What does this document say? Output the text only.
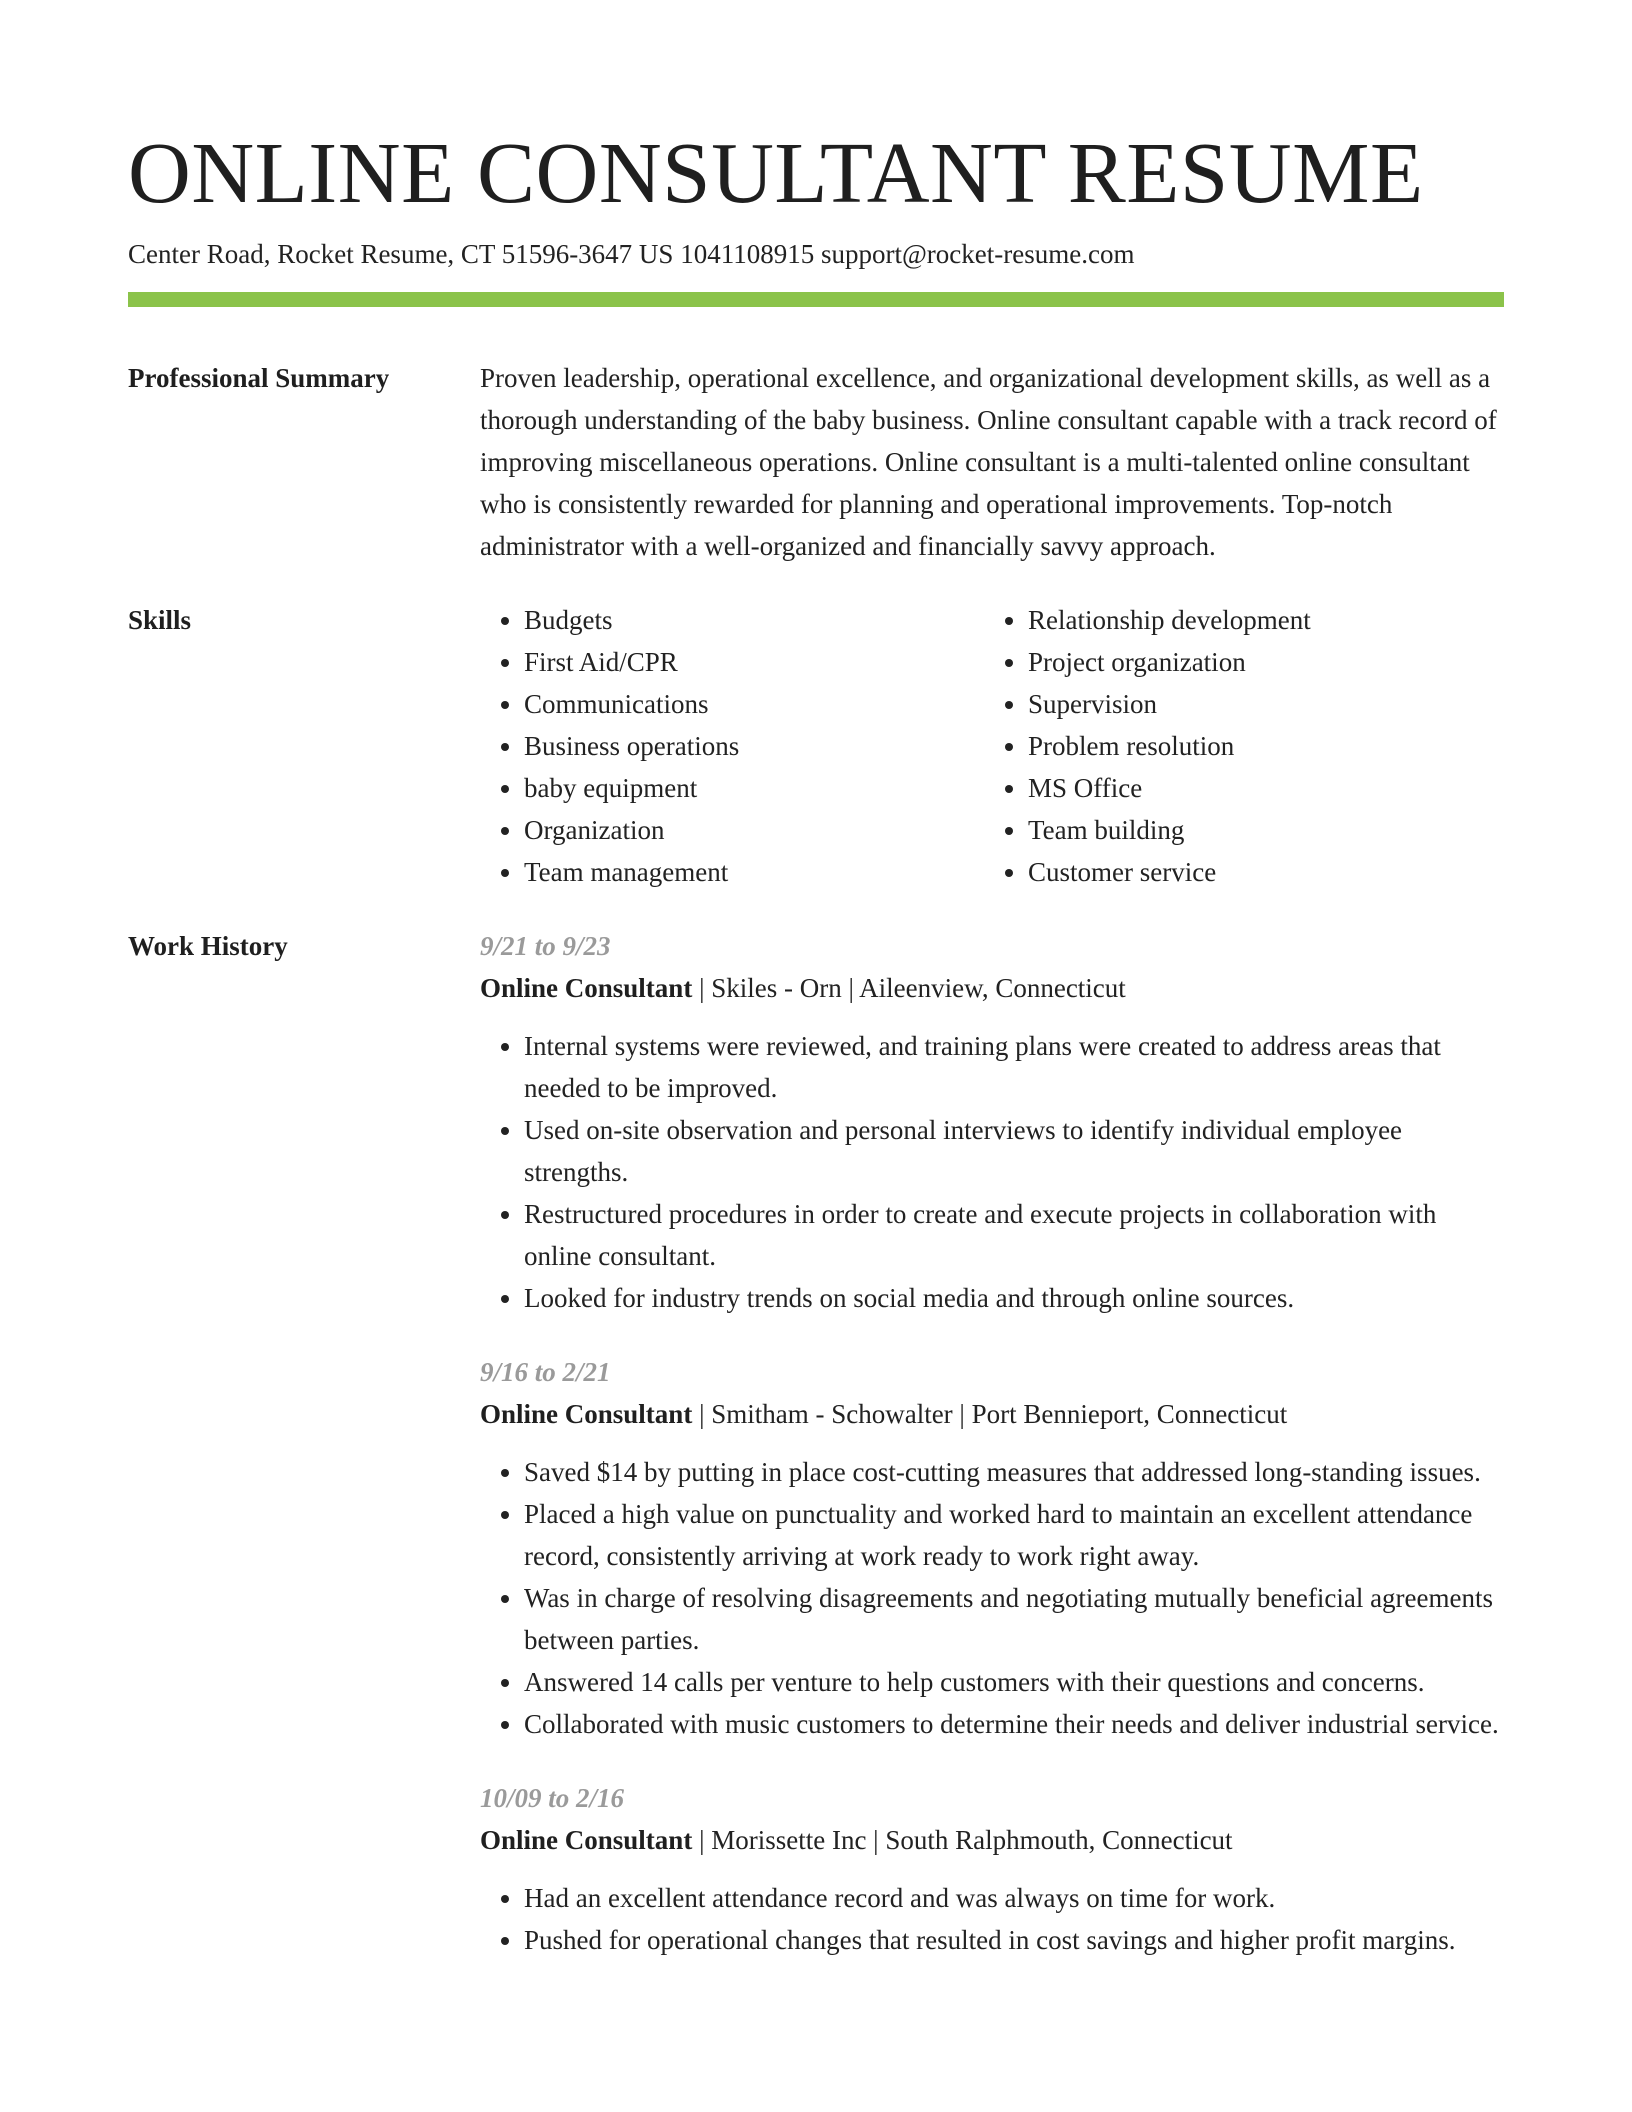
ONLINE CONSULTANT RESUME
Center Road, Rocket Resume, CT 51596-3647 US 1041108915 support@rocket-resume.com
Professional Summary	Proven leadership, operational excellence, and organizational development skills, as well as a thorough understanding of the baby business. Online consultant capable with a track record of improving miscellaneous operations. Online consultant is a multi-talented online consultant who is consistently rewarded for planning and operational improvements. Top-notch administrator with a well-organized and financially savvy approach.
Skills
•	Budgets
• First Aid/CPR
• Communications
• Business operations
• baby equipment
• Organization
• Team management
• Relationship development
• Project organization
• Supervision
• Problem resolution
• MS Office
• Team building
• Customer service
Work History	9/21 to 9/23
Online Consultant | Skiles - Orn | Aileenview, Connecticut
• Internal systems were reviewed, and training plans were created to address areas that needed to be improved.
• Used on-site observation and personal interviews to identify individual employee strengths.
• Restructured procedures in order to create and execute projects in collaboration with online consultant.
• Looked for industry trends on social media and through online sources.
9/16 to 2/21
Online Consultant | Smitham - Schowalter | Port Bennieport, Connecticut
• Saved $14 by putting in place cost-cutting measures that addressed long-standing issues.
• Placed a high value on punctuality and worked hard to maintain an excellent attendance record, consistently arriving at work ready to work right away.
• Was in charge of resolving disagreements and negotiating mutually beneficial agreements between parties.
• Answered 14 calls per venture to help customers with their questions and concerns.
• Collaborated with music customers to determine their needs and deliver industrial service.
10/09 to 2/16
Online Consultant | Morissette Inc | South Ralphmouth, Connecticut
• Had an excellent attendance record and was always on time for work.
• Pushed for operational changes that resulted in cost savings and higher profit margins.
